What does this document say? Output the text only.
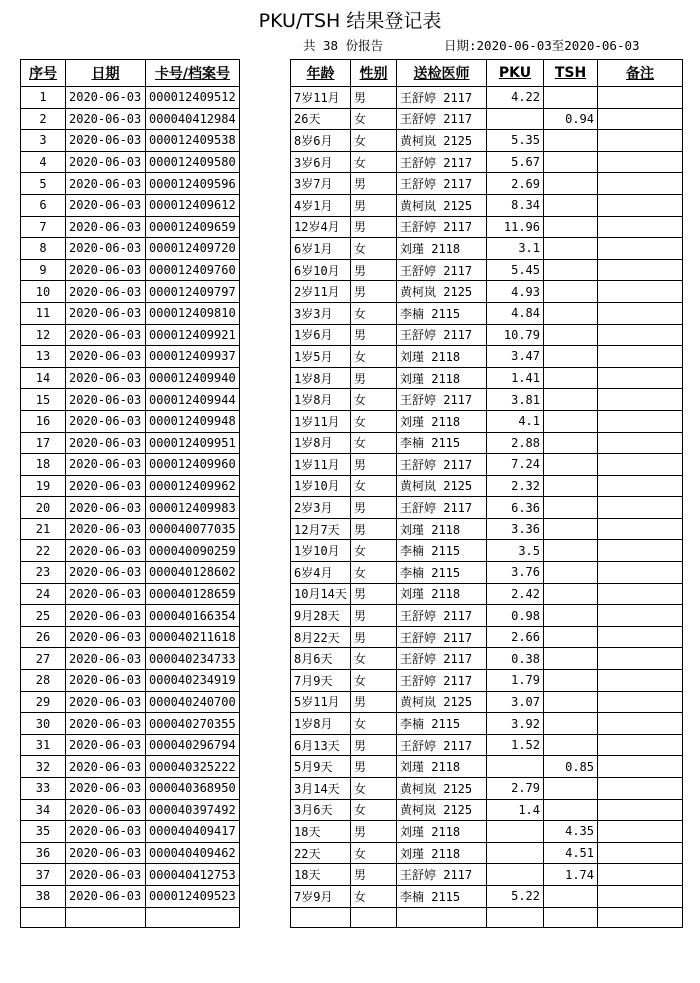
PKU/TSH 结果登记表
共 38 份报告	日期:2020-06-03至2020-06-03
序号	日期	卡号/档案号		年龄	性别	送检医师	PKU	TSH	备注
1	2020-06-03	000012409512		7岁11月	男	王舒婷 2117	4.22		
2	2020-06-03	000040412984		26天	女	王舒婷 2117		0.94	
3	2020-06-03	000012409538		8岁6月	女	黄柯岚 2125	5.35		
4	2020-06-03	000012409580		3岁6月	女	王舒婷 2117	5.67		
5	2020-06-03	000012409596		3岁7月	男	王舒婷 2117	2.69		
6	2020-06-03	000012409612		4岁1月	男	黄柯岚 2125	8.34		
7	2020-06-03	000012409659		12岁4月	男	王舒婷 2117	11.96		
8	2020-06-03	000012409720		6岁1月	女	刘瑾 2118	3.1		
9	2020-06-03	000012409760		6岁10月	男	王舒婷 2117	5.45		
10	2020-06-03	000012409797		2岁11月	男	黄柯岚 2125	4.93		
11	2020-06-03	000012409810		3岁3月	女	李楠 2115	4.84		
12	2020-06-03	000012409921		1岁6月	男	王舒婷 2117	10.79		
13	2020-06-03	000012409937		1岁5月	女	刘瑾 2118	3.47		
14	2020-06-03	000012409940		1岁8月	男	刘瑾 2118	1.41		
15	2020-06-03	000012409944		1岁8月	女	王舒婷 2117	3.81		
16	2020-06-03	000012409948		1岁11月	女	刘瑾 2118	4.1		
17	2020-06-03	000012409951		1岁8月	女	李楠 2115	2.88		
18	2020-06-03	000012409960		1岁11月	男	王舒婷 2117	7.24		
19	2020-06-03	000012409962		1岁10月	女	黄柯岚 2125	2.32		
20	2020-06-03	000012409983		2岁3月	男	王舒婷 2117	6.36		
21	2020-06-03	000040077035		12月7天	男	刘瑾 2118	3.36		
22	2020-06-03	000040090259		1岁10月	女	李楠 2115	3.5		
23	2020-06-03	000040128602		6岁4月	女	李楠 2115	3.76		
24	2020-06-03	000040128659		10月14天	男	刘瑾 2118	2.42		
25	2020-06-03	000040166354		9月28天	男	王舒婷 2117	0.98		
26	2020-06-03	000040211618		8月22天	男	王舒婷 2117	2.66		
27	2020-06-03	000040234733		8月6天	女	王舒婷 2117	0.38		
28	2020-06-03	000040234919		7月9天	女	王舒婷 2117	1.79		
29	2020-06-03	000040240700		5岁11月	男	黄柯岚 2125	3.07		
30	2020-06-03	000040270355		1岁8月	女	李楠 2115	3.92		
31	2020-06-03	000040296794		6月13天	男	王舒婷 2117	1.52		
32	2020-06-03	000040325222		5月9天	男	刘瑾 2118		0.85	
33	2020-06-03	000040368950		3月14天	女	黄柯岚 2125	2.79		
34	2020-06-03	000040397492		3月6天	女	黄柯岚 2125	1.4		
35	2020-06-03	000040409417		18天	男	刘瑾 2118		4.35	
36	2020-06-03	000040409462		22天	女	刘瑾 2118		4.51	
37	2020-06-03	000040412753		18天	男	王舒婷 2117		1.74	
38	2020-06-03	000012409523		7岁9月	女	李楠 2115	5.22		
